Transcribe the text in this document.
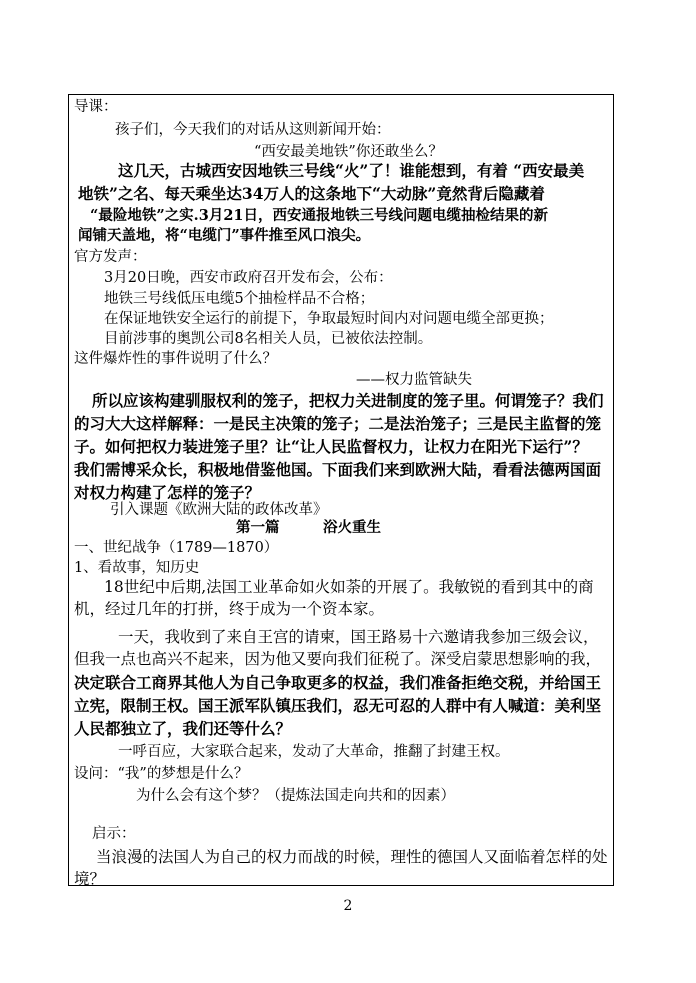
导课：
孩子们，今天我们的对话从这则新闻开始：
“西安最美地铁”你还敢坐么？
这几天，古城西安因地铁三号线“火”了！谁能想到，有着 “西安最美
地铁”之名、每天乘坐达34万人的这条地下“大动脉”竟然背后隐藏着
“最险地铁”之实.3月21日，西安通报地铁三号线问题电缆抽检结果的新
闻铺天盖地，将“电缆门”事件推至风口浪尖。
官方发声：
3月20日晚，西安市政府召开发布会，公布：
地铁三号线低压电缆5个抽检样品不合格；
在保证地铁安全运行的前提下，争取最短时间内对问题电缆全部更换；
目前涉事的奥凯公司8名相关人员，已被依法控制。
这件爆炸性的事件说明了什么？
——权力监管缺失
所以应该构建驯服权利的笼子，把权力关进制度的笼子里。何谓笼子？我们
的习大大这样解释：一是民主决策的笼子；二是法治笼子；三是民主监督的笼
子。如何把权力装进笼子里？让“让人民监督权力，让权力在阳光下运行”？
我们需博采众长，积极地借鉴他国。下面我们来到欧洲大陆，看看法德两国面
对权力构建了怎样的笼子？
引入课题《欧洲大陆的政体改革》
第一篇　　　浴火重生
一、世纪战争（1789—1870）
1、看故事，知历史
18世纪中后期,法国工业革命如火如荼的开展了。我敏锐的看到其中的商
机，经过几年的打拼，终于成为一个资本家。
一天，我收到了来自王宫的请柬，国王路易十六邀请我参加三级会议，
但我一点也高兴不起来，因为他又要向我们征税了。深受启蒙思想影响的我，
决定联合工商界其他人为自己争取更多的权益，我们准备拒绝交税，并给国王
立宪，限制王权。国王派军队镇压我们，忍无可忍的人群中有人喊道：美利坚
人民都独立了，我们还等什么？
一呼百应，大家联合起来，发动了大革命，推翻了封建王权。
设问：“我”的梦想是什么？
为什么会有这个梦？（提炼法国走向共和的因素）
启示：
当浪漫的法国人为自己的权力而战的时候，理性的德国人又面临着怎样的处
境？
2
